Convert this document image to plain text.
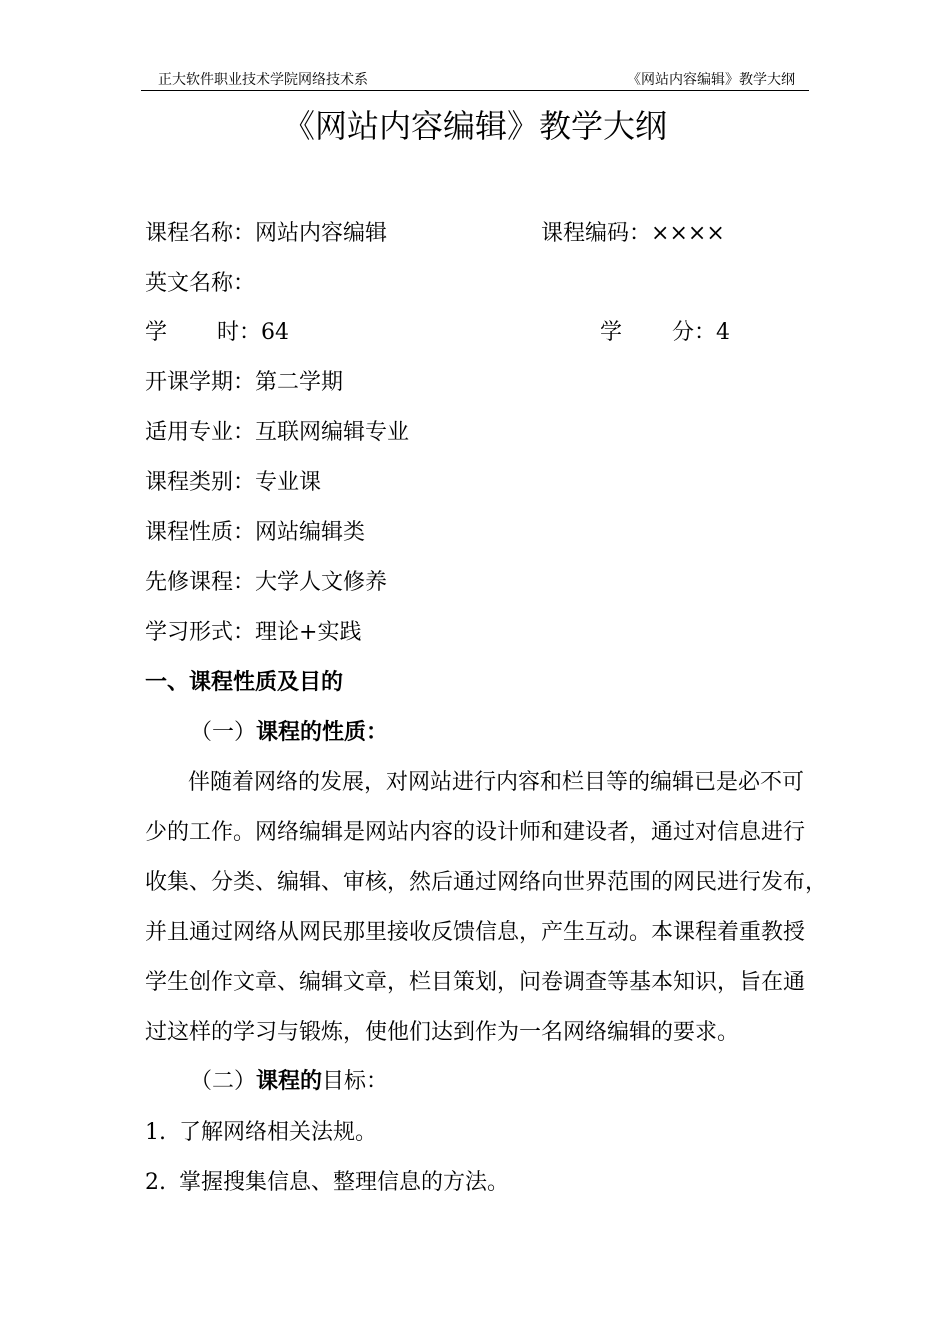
正大软件职业技术学院网络技术系	《网站内容编辑》教学大纲
《网站内容编辑》教学大纲
课程名称：网站内容编辑	课程编码：××××
英文名称：
学 时：64	学 分：4
开课学期：第二学期
适用专业：互联网编辑专业
课程类别：专业课
课程性质：网站编辑类
先修课程：大学人文修养
学习形式：理论+实践
一、课程性质及目的
（一）课程的性质：
伴随着网络的发展，对网站进行内容和栏目等的编辑已是必不可
少的工作。网络编辑是网站内容的设计师和建设者，通过对信息进行
收集、分类、编辑、审核，然后通过网络向世界范围的网民进行发布，
并且通过网络从网民那里接收反馈信息，产生互动。本课程着重教授
学生创作文章、编辑文章，栏目策划，问卷调查等基本知识，旨在通
过这样的学习与锻炼，使他们达到作为一名网络编辑的要求。
（二）课程的目标：
1. 了解网络相关法规。
2. 掌握搜集信息、整理信息的方法。
